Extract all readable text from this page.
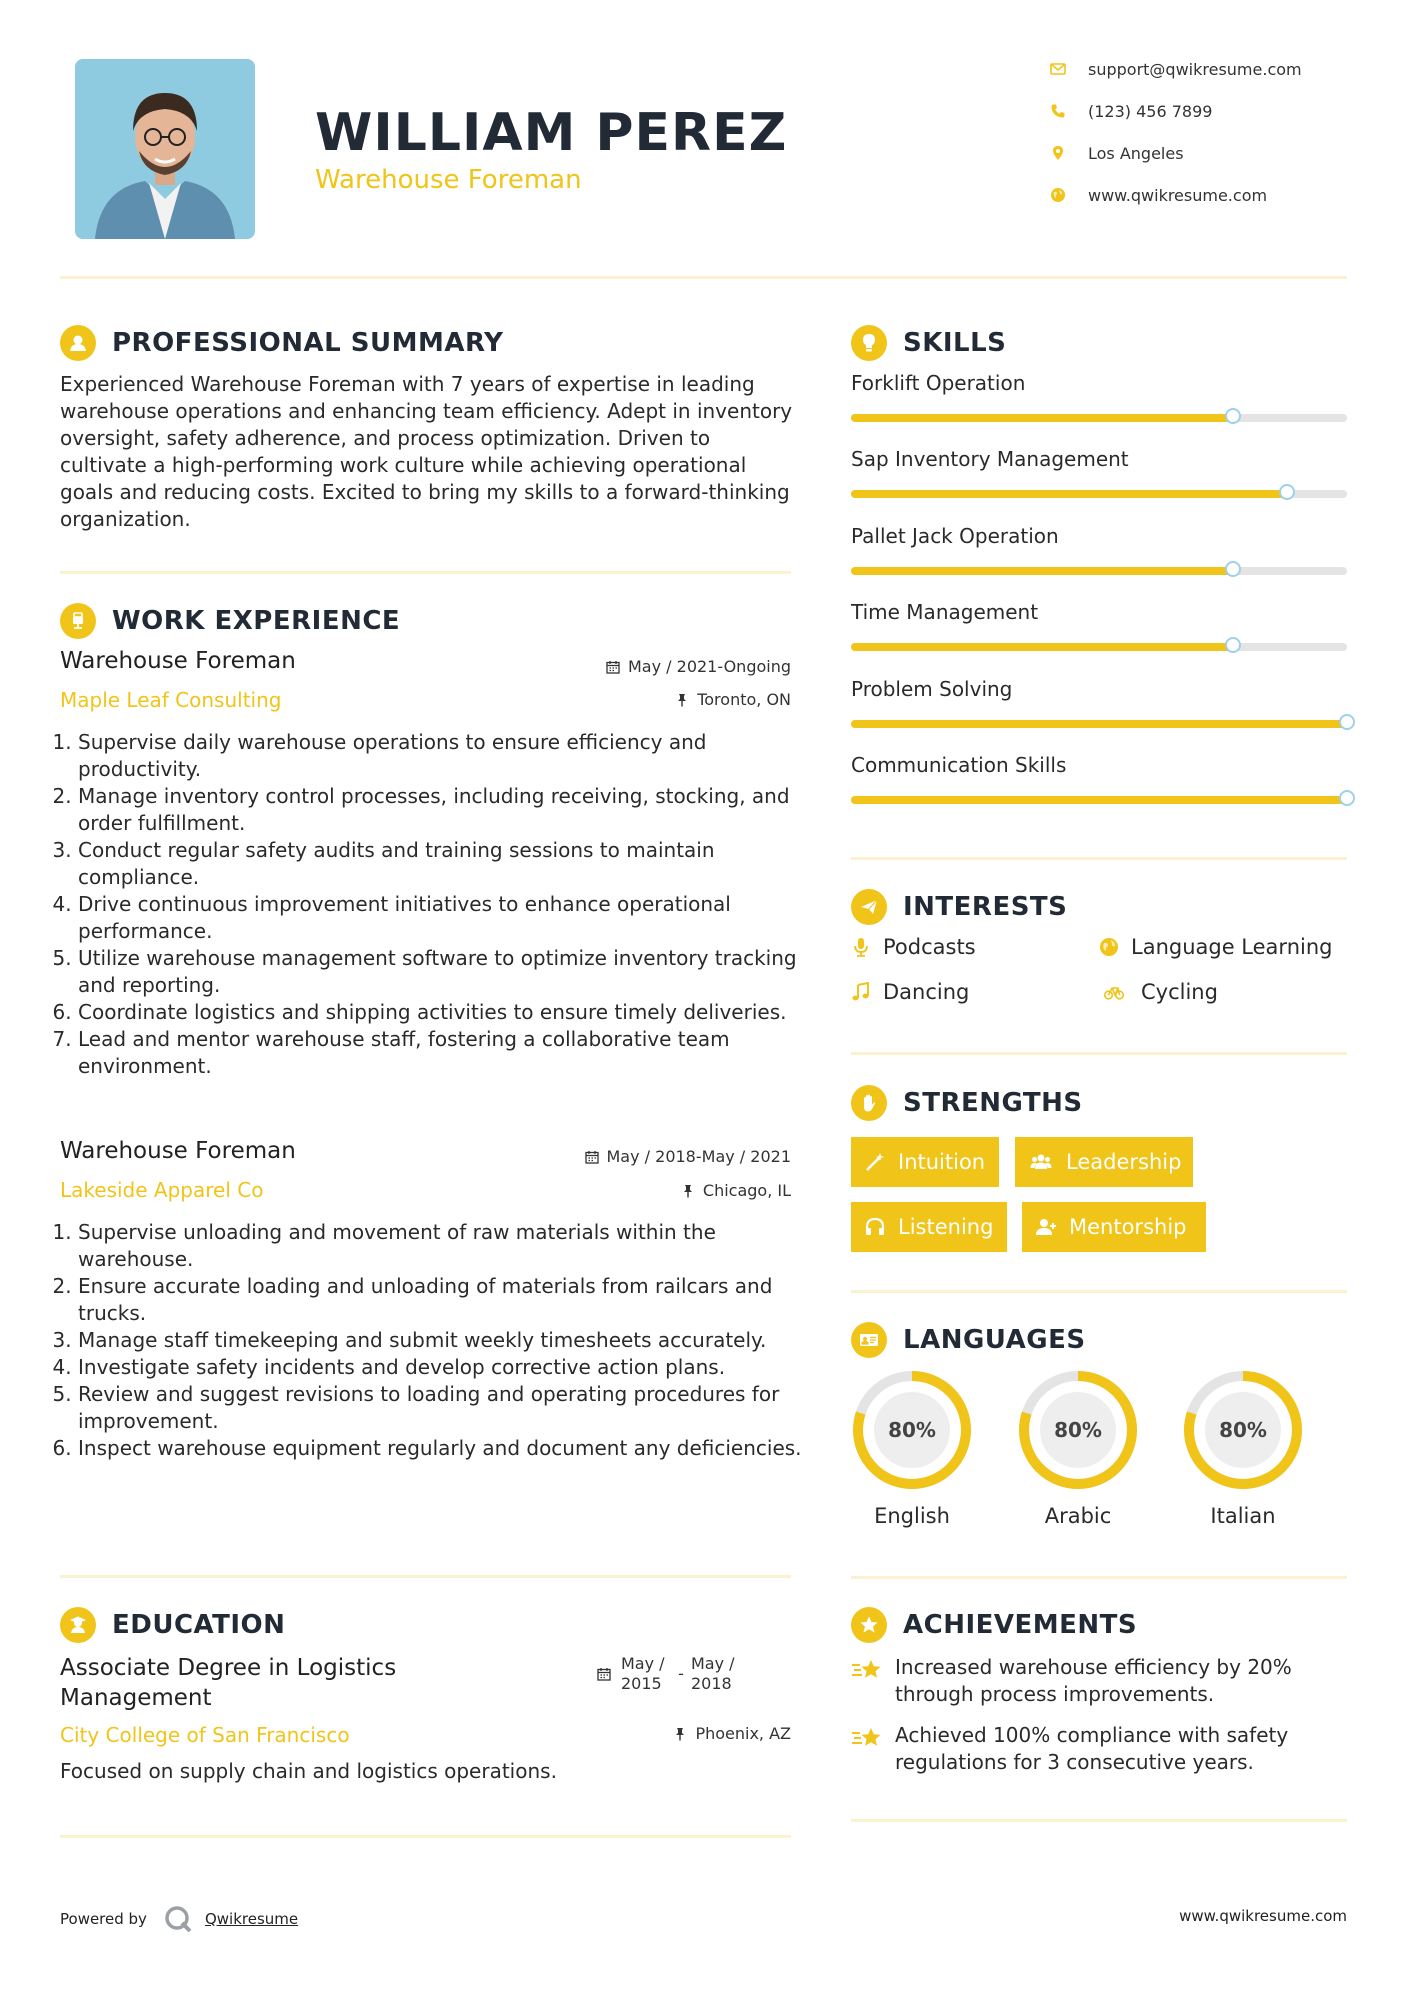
WILLIAM PEREZ
Warehouse Foreman
support@qwikresume.com
(123) 456 7899
Los Angeles
www.qwikresume.com
PROFESSIONAL SUMMARY
Experienced Warehouse Foreman with 7 years of expertise in leading warehouse operations and enhancing team efficiency. Adept in inventory oversight, safety adherence, and process optimization. Driven to cultivate a high-performing work culture while achieving operational goals and reducing costs. Excited to bring my skills to a forward-thinking organization.
WORK EXPERIENCE
Warehouse Foreman
Maple Leaf Consulting
May / 2021-Ongoing
Toronto, ON
1. Supervise daily warehouse operations to ensure efficiency and productivity.
2. Manage inventory control processes, including receiving, stocking, and order fulfillment.
3. Conduct regular safety audits and training sessions to maintain compliance.
4. Drive continuous improvement initiatives to enhance operational performance.
5. Utilize warehouse management software to optimize inventory tracking and reporting.
6. Coordinate logistics and shipping activities to ensure timely deliveries.
7. Lead and mentor warehouse staff, fostering a collaborative team environment.
Warehouse Foreman
Lakeside Apparel Co
May / 2018-May / 2021
Chicago, IL
1. Supervise unloading and movement of raw materials within the warehouse.
2. Ensure accurate loading and unloading of materials from railcars and trucks.
3. Manage staff timekeeping and submit weekly timesheets accurately.
4. Investigate safety incidents and develop corrective action plans.
5. Review and suggest revisions to loading and operating procedures for improvement.
6. Inspect warehouse equipment regularly and document any deficiencies.
EDUCATION
Associate Degree in Logistics Management
City College of San Francisco
May / 2015
-
May / 2018
Phoenix, AZ
Focused on supply chain and logistics operations.
SKILLS
Forklift Operation
Sap Inventory Management
Pallet Jack Operation
Time Management
Problem Solving
Communication Skills
INTERESTS
Podcasts	Language Learning
Dancing	Cycling
STRENGTHS
Intuition	Leadership
Listening	Mentorship
LANGUAGES
80%
English
80%
Arabic
80%
Italian
ACHIEVEMENTS
Increased warehouse efficiency by 20% through process improvements.
Achieved 100% compliance with safety regulations for 3 consecutive years.
Powered by	Qwikresume	www.qwikresume.com
